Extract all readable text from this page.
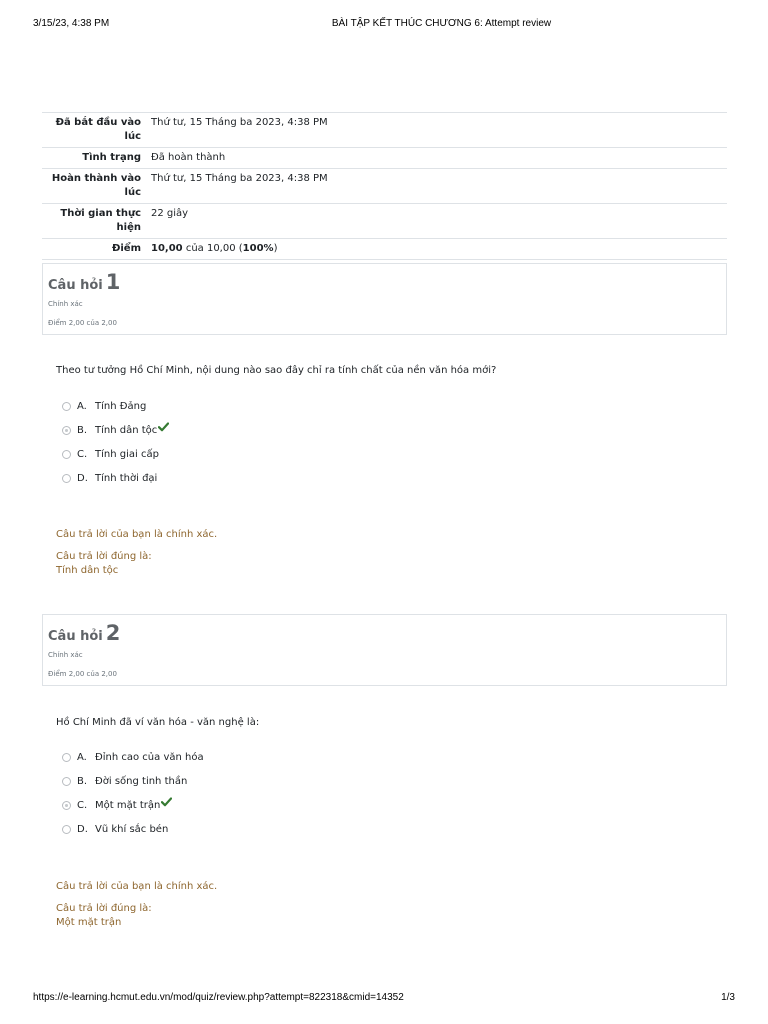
3/15/23, 4:38 PM	BÀI TẬP KẾT THÚC CHƯƠNG 6: Attempt review
Đã bắt đầu vào lúc	Thứ tư, 15 Tháng ba 2023, 4:38 PM
Tình trạng	Đã hoàn thành
Hoàn thành vào lúc	Thứ tư, 15 Tháng ba 2023, 4:38 PM
Thời gian thực hiện	22 giây
Điểm	10,00 của 10,00 (100%)
Câu hỏi 1
Chính xác
Điểm 2,00 của 2,00
Theo tư tưởng Hồ Chí Minh, nội dung nào sao đây chỉ ra tính chất của nền văn hóa mới?
A. Tính Đảng
B. Tính dân tộc
C. Tính giai cấp
D. Tính thời đại
Câu trả lời của bạn là chính xác.
Câu trả lời đúng là:
Tính dân tộc
Câu hỏi 2
Chính xác
Điểm 2,00 của 2,00
Hồ Chí Minh đã ví văn hóa - văn nghệ là:
A. Đỉnh cao của văn hóa
B. Đời sống tinh thần
C. Một mặt trận
D. Vũ khí sắc bén
Câu trả lời của bạn là chính xác.
Câu trả lời đúng là:
Một mặt trận
https://e-learning.hcmut.edu.vn/mod/quiz/review.php?attempt=822318&cmid=14352	1/3
